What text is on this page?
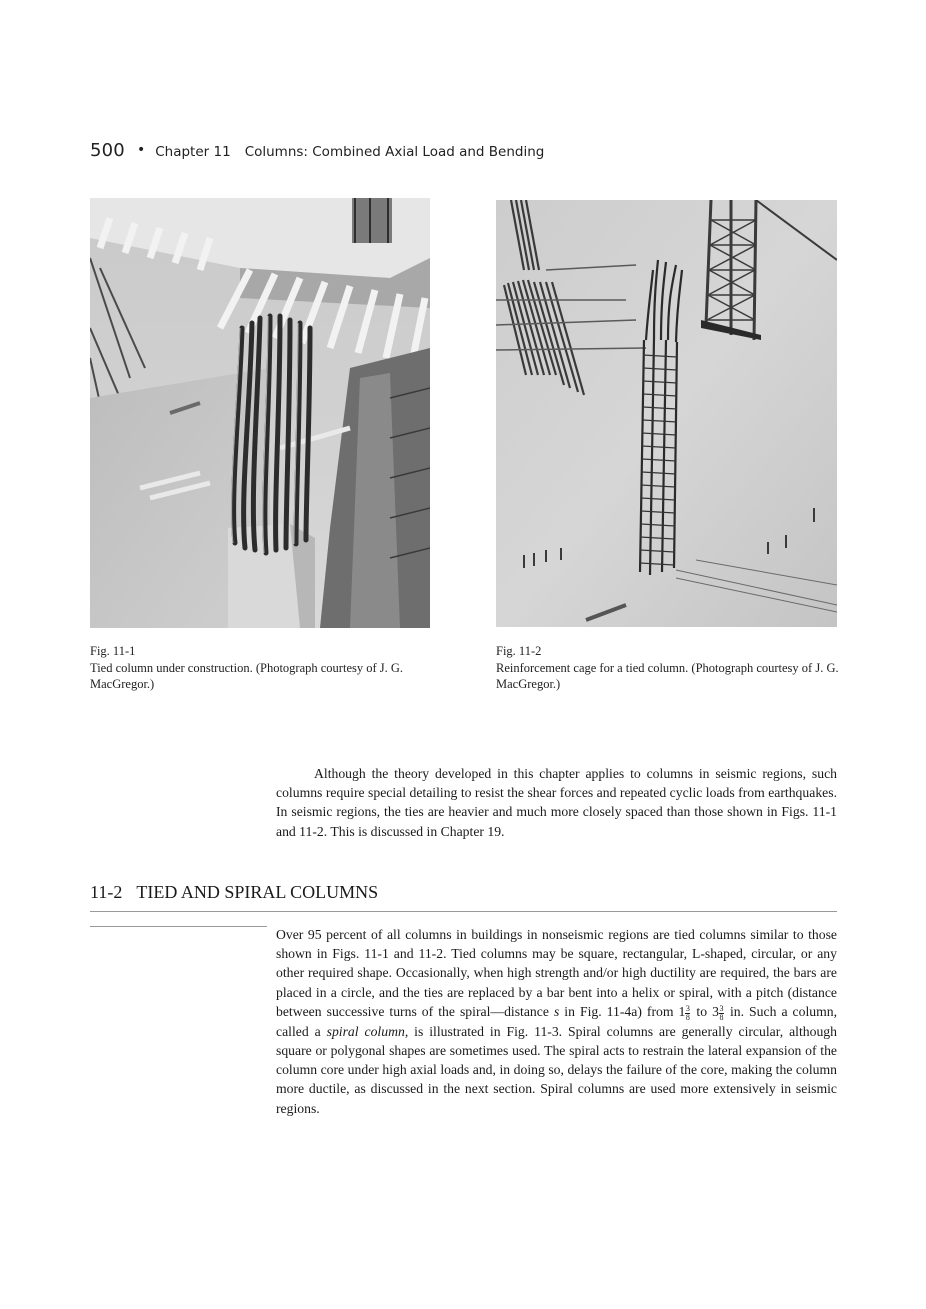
500 • Chapter 11 Columns: Combined Axial Load and Bending
Fig. 11-1
Tied column under construction. (Photograph courtesy of J. G. MacGregor.)
Fig. 11-2
Reinforcement cage for a tied column. (Photograph courtesy of J. G. MacGregor.)

Although the theory developed in this chapter applies to columns in seismic regions, such columns require special detailing to resist the shear forces and repeated cyclic loads from earthquakes. In seismic regions, the ties are heavier and much more closely spaced than those shown in Figs. 11-1 and 11-2. This is discussed in Chapter 19.

11-2 TIED AND SPIRAL COLUMNS

Over 95 percent of all columns in buildings in nonseismic regions are tied columns similar to those shown in Figs. 11-1 and 11-2. Tied columns may be square, rectangular, L-shaped, circular, or any other required shape. Occasionally, when high strength and/or high ductility are required, the bars are placed in a circle, and the ties are replaced by a bar bent into a helix or spiral, with a pitch (distance between successive turns of the spiral—distance s in Fig. 11-4a) from $1 \frac{3}{8}$ to $3 \frac{3}{8}$ in. Such a column, called a spiral column, is illustrated in Fig. 11-3. Spiral columns are generally circular, although square or polygonal shapes are sometimes used. The spiral acts to restrain the lateral expansion of the column core under high axial loads and, in doing so, delays the failure of the core, making the column more ductile, as discussed in the next section. Spiral columns are used more extensively in seismic regions.
